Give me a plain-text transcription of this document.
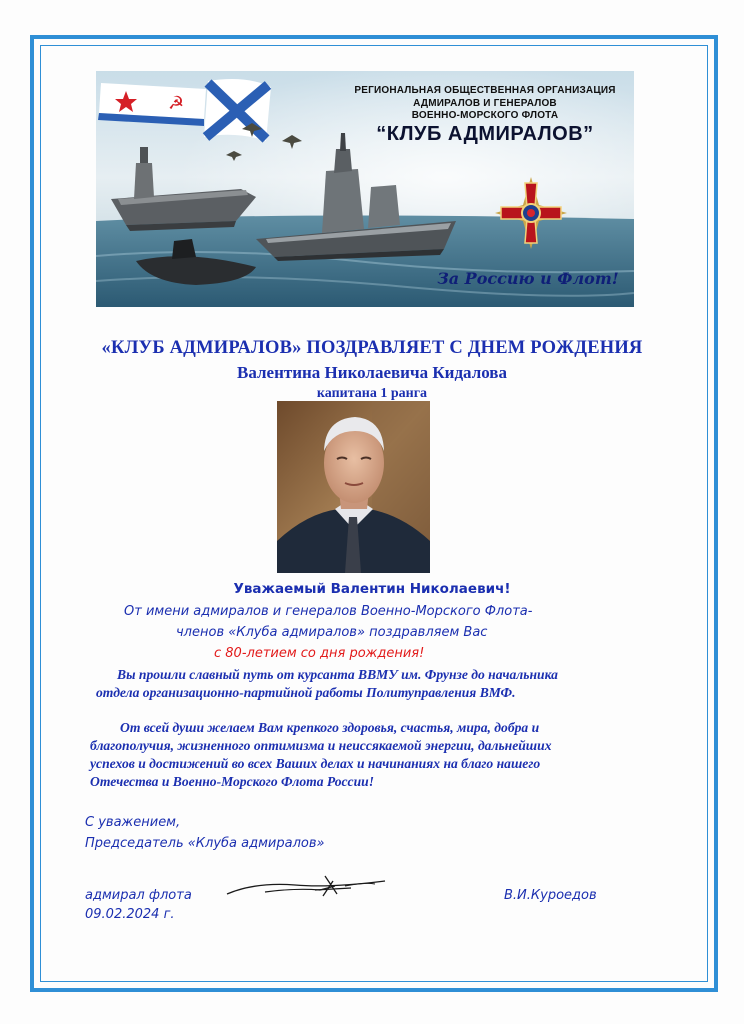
☭
РЕГИОНАЛЬНАЯ ОБЩЕСТВЕННАЯ ОРГАНИЗАЦИЯ
АДМИРАЛОВ И ГЕНЕРАЛОВ
ВОЕННО-МОРСКОГО ФЛОТА
“КЛУБ АДМИРАЛОВ”
За Россию и Флот!
«КЛУБ АДМИРАЛОВ» ПОЗДРАВЛЯЕТ С ДНЕМ РОЖДЕНИЯ
Валентина Николаевича Кидалова
капитана 1 ранга
Уважаемый Валентин Николаевич!
От имени адмиралов и генералов Военно-Морского Флота-
членов «Клуба адмиралов» поздравляем Вас
с 80-летием со дня рождения!
Вы прошли славный путь от курсанта ВВМУ им. Фрунзе до начальника
отдела организационно-партийной работы Политуправления ВМФ.
От всей души желаем Вам крепкого здоровья, счастья, мира, добра и
благополучия, жизненного оптимизма и неиссякаемой энергии, дальнейших
успехов и достижений во всех Ваших делах и начинаниях на благо нашего
Отечества и Военно-Морского Флота России!
С уважением,
Председатель «Клуба адмиралов»
адмирал флота
09.02.2024 г.
В.И.Куроедов
